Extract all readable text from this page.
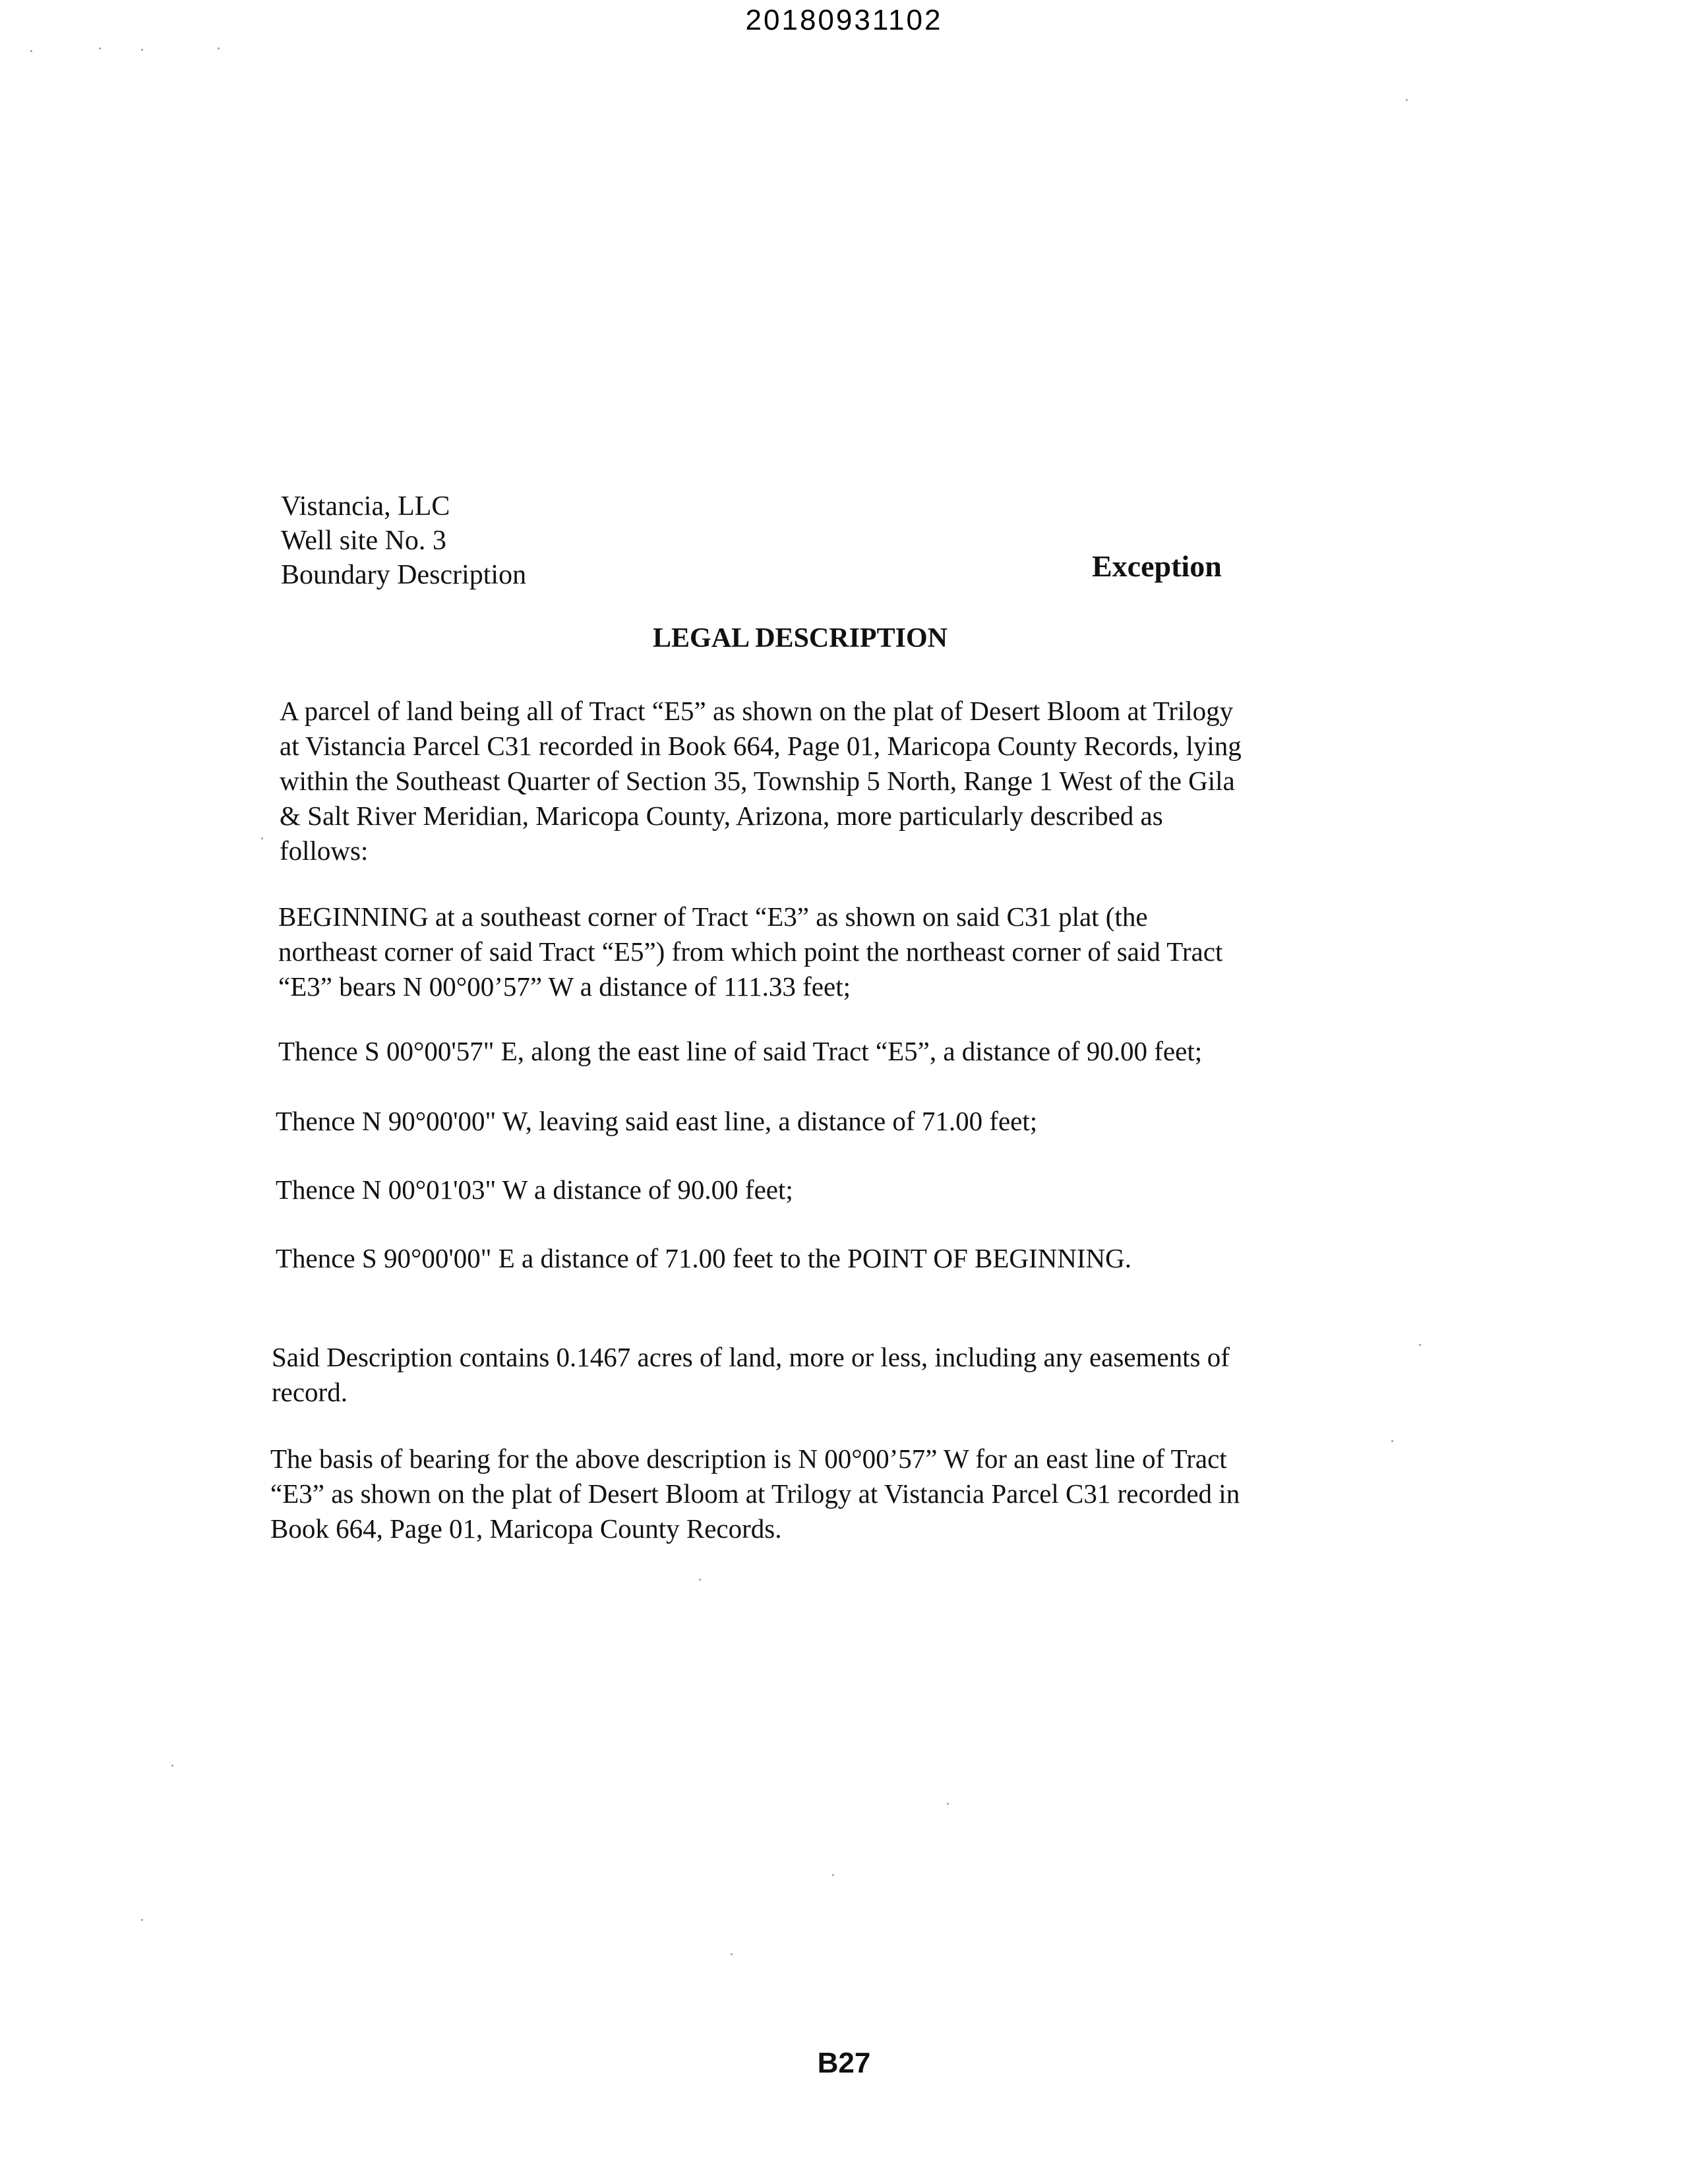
20180931102
Vistancia, LLC
Well site No. 3
Boundary Description	Exception
LEGAL DESCRIPTION
A parcel of land being all of Tract “E5” as shown on the plat of Desert Bloom at Trilogy
at Vistancia Parcel C31 recorded in Book 664, Page 01, Maricopa County Records, lying
within the Southeast Quarter of Section 35, Township 5 North, Range 1 West of the Gila
& Salt River Meridian, Maricopa County, Arizona, more particularly described as
follows:
BEGINNING at a southeast corner of Tract “E3” as shown on said C31 plat (the
northeast corner of said Tract “E5”) from which point the northeast corner of said Tract
“E3” bears N 00°00’57” W a distance of 111.33 feet;
Thence S 00°00'57" E, along the east line of said Tract “E5”, a distance of 90.00 feet;
Thence N 90°00'00" W, leaving said east line, a distance of 71.00 feet;
Thence N 00°01'03" W a distance of 90.00 feet;
Thence S 90°00'00" E a distance of 71.00 feet to the POINT OF BEGINNING.
Said Description contains 0.1467 acres of land, more or less, including any easements of
record.
The basis of bearing for the above description is N 00°00’57” W for an east line of Tract
“E3” as shown on the plat of Desert Bloom at Trilogy at Vistancia Parcel C31 recorded in
Book 664, Page 01, Maricopa County Records.
B27
